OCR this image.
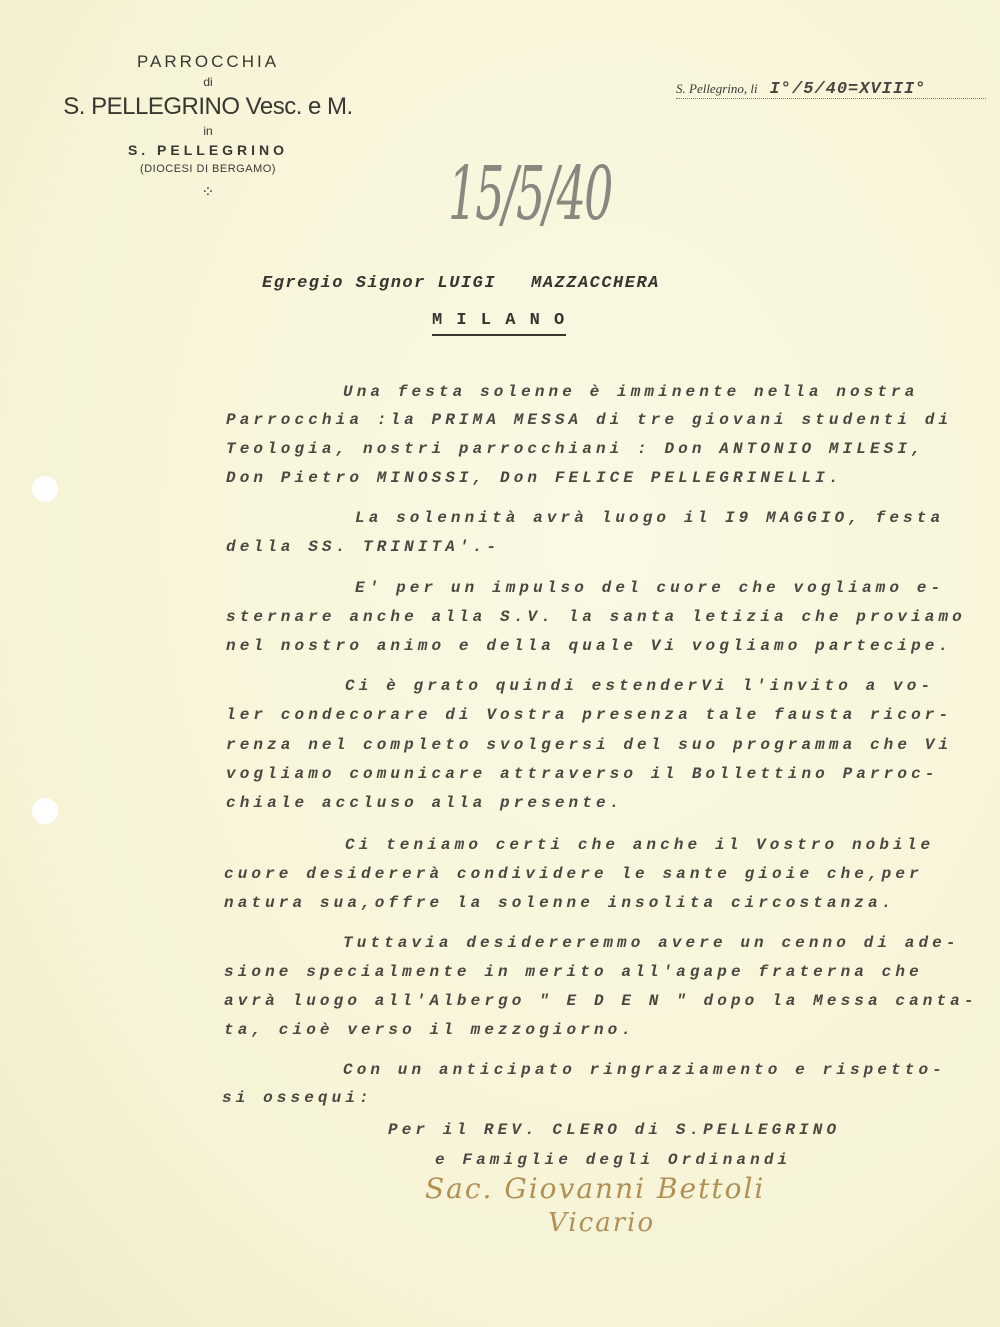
PARROCCHIA
di
S. PELLEGRINO Vesc. e M.
in
S. PELLEGRINO
(DIOCESI DI BERGAMO)
⁘
S. Pellegrino, li I°/5/40=XVIII°
15/5/40
Egregio Signor LUIGI   MAZZACCHERA
M I L A N O
Una festa solenne è imminente nella nostra
Parrocchia :la PRIMA MESSA di tre giovani studenti di
Teologia, nostri parrocchiani : Don ANTONIO MILESI,
Don Pietro MINOSSI, Don FELICE PELLEGRINELLI.
La solennità avrà luogo il I9 MAGGIO, festa
della SS. TRINITA'.-
E' per un impulso del cuore che vogliamo e-
sternare anche alla S.V. la santa letizia che proviamo
nel nostro animo e della quale Vi vogliamo partecipe.
Ci è grato quindi estenderVi l'invito a vo-
ler condecorare di Vostra presenza tale fausta ricor-
renza nel completo svolgersi del suo programma che Vi
vogliamo comunicare attraverso il Bollettino Parroc-
chiale accluso alla presente.
Ci teniamo certi che anche il Vostro nobile
cuore desidererà condividere le sante gioie che,per
natura sua,offre la solenne insolita circostanza.
Tuttavia desidereremmo avere un cenno di ade-
sione specialmente in merito all'agape fraterna che
avrà luogo all'Albergo " E D E N " dopo la Messa canta-
ta, cioè verso il mezzogiorno.
Con un anticipato ringraziamento e rispetto-
si ossequi:
Per il REV. CLERO di S.PELLEGRINO
e Famiglie degli Ordinandi
Sac. Giovanni Bettoli
Vicario
